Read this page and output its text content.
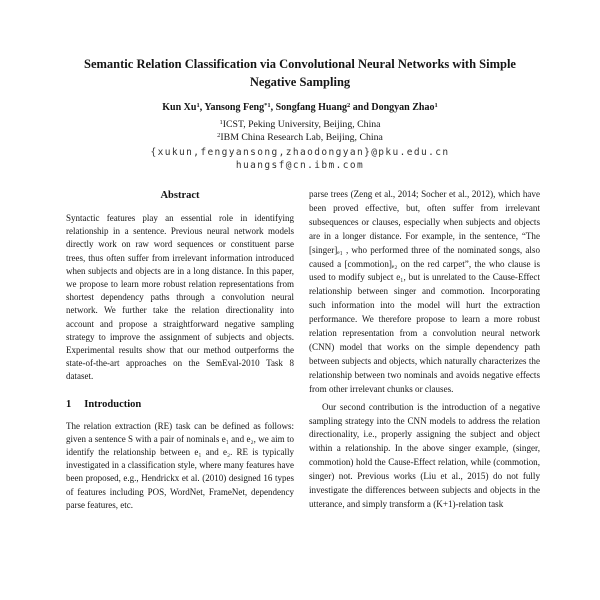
Semantic Relation Classification via Convolutional Neural Networks with Simple Negative Sampling
Kun Xu$^1$, Yansong Feng$^{*1}$, Songfang Huang$^2$ and Dongyan Zhao$^1$
$^1$ICST, Peking University, Beijing, China
$^2$IBM China Research Lab, Beijing, China
{xukun,fengyansong,zhaodongyan}@pku.edu.cn
huangsf@cn.ibm.com
Abstract

Syntactic features play an essential role in identifying relationship in a sentence. Previous neural network models directly work on raw word sequences or constituent parse trees, thus often suffer from irrelevant information introduced when subjects and objects are in a long distance. In this paper, we propose to learn more robust relation representations from shortest dependency paths through a convolution neural network. We further take the relation directionality into account and propose a straightforward negative sampling strategy to improve the assignment of subjects and objects. Experimental results show that our method outperforms the state-of-the-art approaches on the SemEval-2010 Task 8 dataset.

1 Introduction

The relation extraction (RE) task can be defined as follows: given a sentence S with a pair of nominals e₁ and e₂, we aim to identify the relationship between e₁ and e₂. RE is typically investigated in a classification style, where many features have been proposed, e.g., Hendrickx et al. (2010) designed 16 types of features including POS, WordNet, FrameNet, dependency parse features, etc.

parse trees (Zeng et al., 2014; Socher et al., 2012), which have been proved effective, but, often suffer from irrelevant subsequences or clauses, especially when subjects and objects are in a longer distance. For example, in the sentence, “The [singer]ₑ₁ , who performed three of the nominated songs, also caused a [commotion]ₑ₂ on the red carpet”, the who clause is used to modify subject e₁, but is unrelated to the Cause-Effect relationship between singer and commotion. Incorporating such information into the model will hurt the extraction performance. We therefore propose to learn a more robust relation representation from a convolution neural network (CNN) model that works on the simple dependency path between subjects and objects, which naturally characterizes the relationship between two nominals and avoids negative effects from other irrelevant chunks or clauses.

Our second contribution is the introduction of a negative sampling strategy into the CNN models to address the relation directionality, i.e., properly assigning the subject and object within a relationship. In the above singer example, (singer, commotion) hold the Cause-Effect relation, while (commotion, singer) not. Previous works (Liu et al., 2015) do not fully investigate the differences between subjects and objects in the utterance, and simply transform a (K+1)-relation task
